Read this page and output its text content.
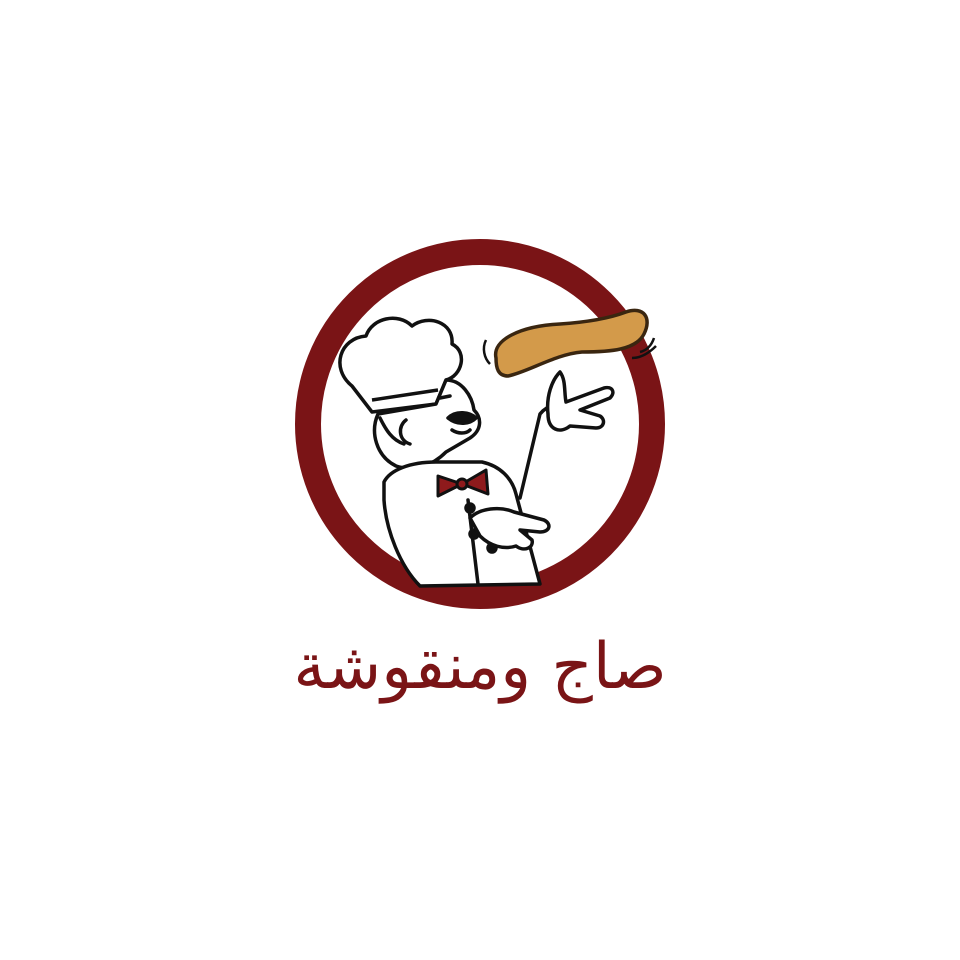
صاج ومنقوشة
